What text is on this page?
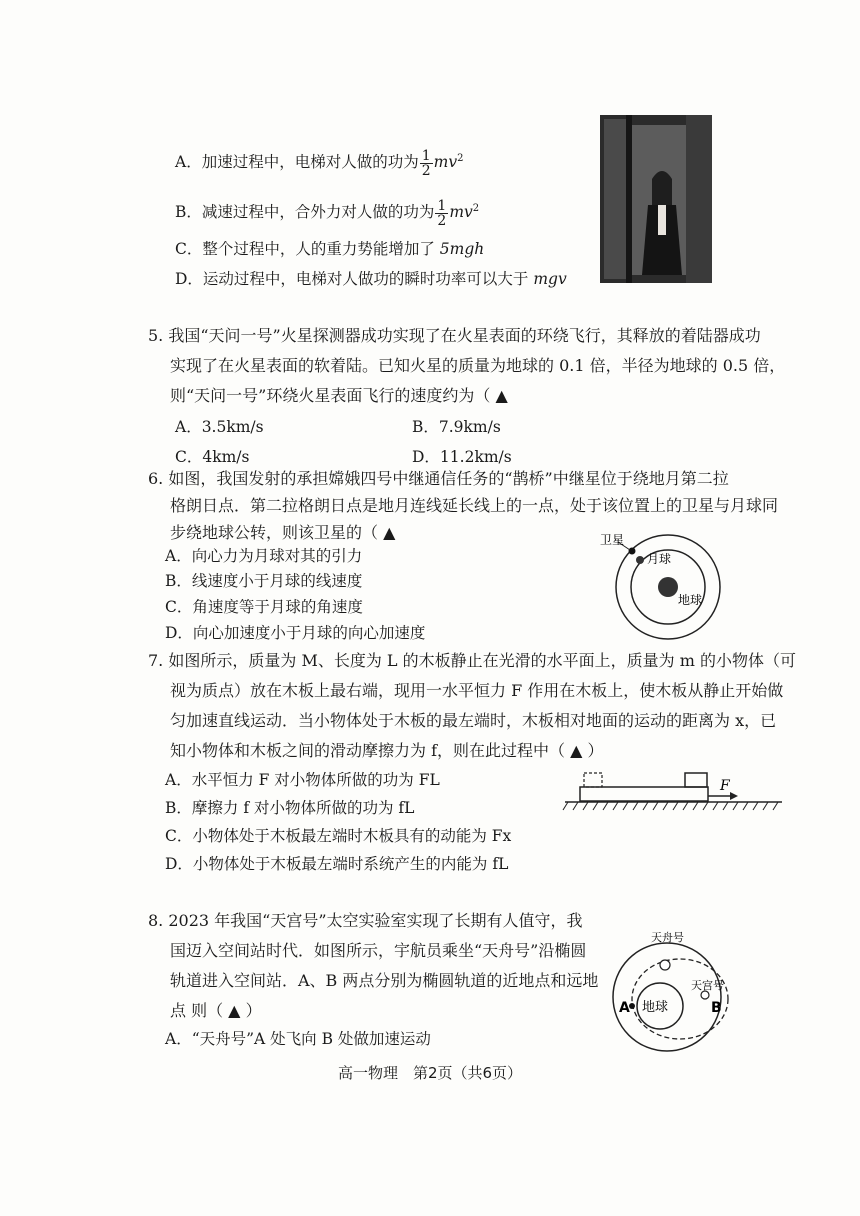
A．加速过程中，电梯对人做的功为 $\frac{1}{2} mv^2$
B．减速过程中，合外力对人做的功为 $\frac{1}{2} mv^2$
C．整个过程中，人的重力势能增加了 5mgh
D．运动过程中，电梯对人做功的瞬时功率可以大于 mgv
5. 我国“天问一号”火星探测器成功实现了在火星表面的环绕飞行，其释放的着陆器成功
实现了在火星表面的软着陆。已知火星的质量为地球的 0.1 倍，半径为地球的 0.5 倍，
则“天问一号”环绕火星表面飞行的速度约为（ ▲
A．3.5km/s	B．7.9km/s
C．4km/s	D．11.2km/s
6. 如图，我国发射的承担嫦娥四号中继通信任务的“鹊桥”中继星位于绕地月第二拉
格朗日点．第二拉格朗日点是地月连线延长线上的一点，处于该位置上的卫星与月球同
步绕地球公转，则该卫星的（ ▲
A．向心力为月球对其的引力
B．线速度小于月球的线速度
C．角速度等于月球的角速度
D．向心加速度小于月球的向心加速度
卫星
月球
地球
7. 如图所示，质量为 M、长度为 L 的木板静止在光滑的水平面上，质量为 m 的小物体（可
视为质点）放在木板上最右端，现用一水平恒力 F 作用在木板上，使木板从静止开始做
匀加速直线运动．当小物体处于木板的最左端时，木板相对地面的运动的距离为 x，已
知小物体和木板之间的滑动摩擦力为 f，则在此过程中（ ▲ ）
A．水平恒力 F 对小物体所做的功为 FL
B．摩擦力 f 对小物体所做的功为 fL
C．小物体处于木板最左端时木板具有的动能为 Fx
D．小物体处于木板最左端时系统产生的内能为 fL
F
8. 2023 年我国“天宫号”太空实验室实现了长期有人值守，我
国迈入空间站时代．如图所示，宇航员乘坐“天舟号”沿椭圆
轨道进入空间站．A、B 两点分别为椭圆轨道的近地点和远地
点 则（ ▲ ）
A．“天舟号”A 处飞向 B 处做加速运动
天舟号
天宫号
地球
A	B
高一物理　第2页（共6页）
